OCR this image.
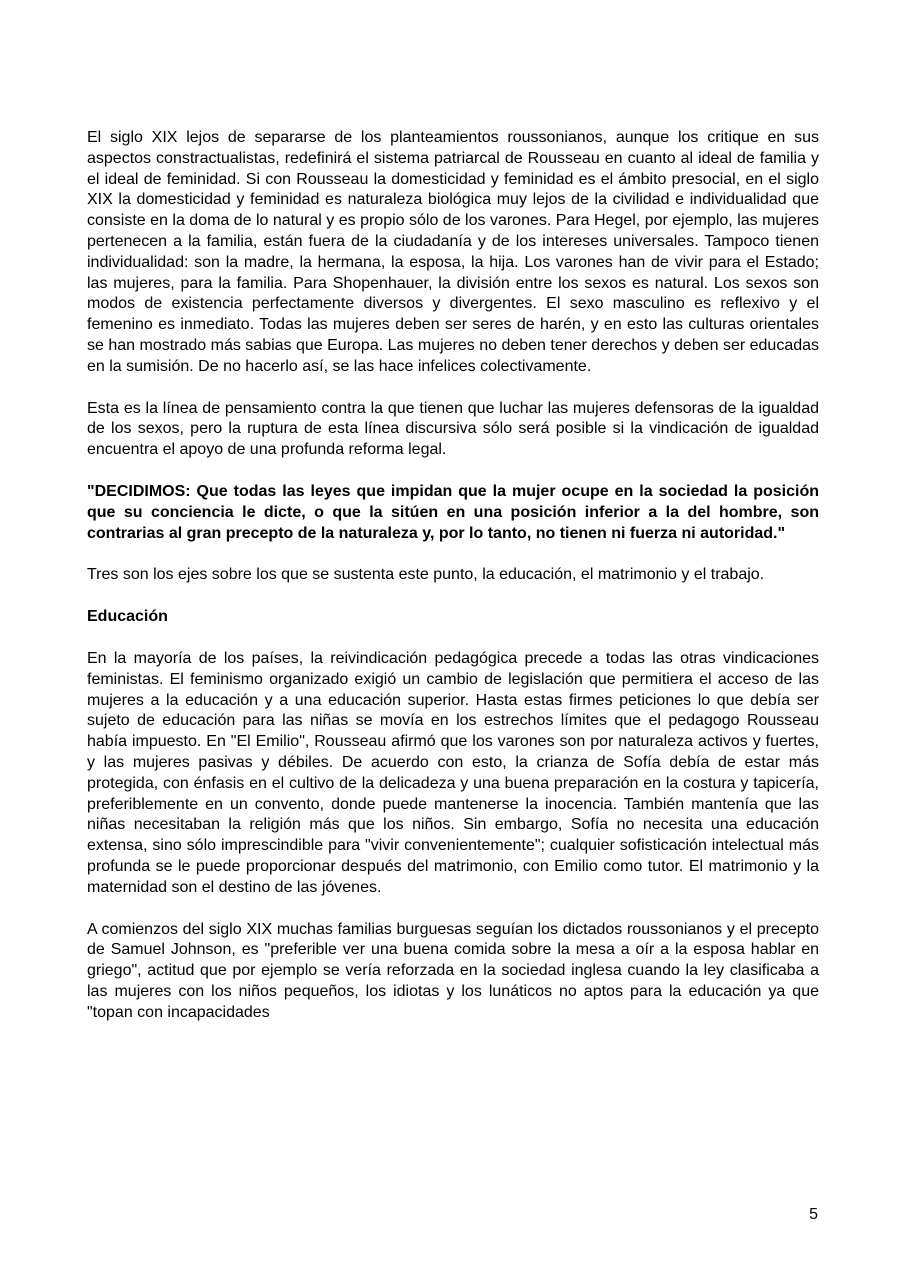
El siglo XIX lejos de separarse de los planteamientos roussonianos, aunque los critique en sus aspectos constractualistas, redefinirá el sistema patriarcal de Rousseau en cuanto al ideal de familia y el ideal de feminidad. Si con Rousseau la domesticidad y feminidad es el ámbito presocial, en el siglo XIX la domesticidad y feminidad es naturaleza biológica muy lejos de la civilidad e individualidad que consiste en la doma de lo natural y es propio sólo de los varones. Para Hegel, por ejemplo, las mujeres pertenecen a la familia, están fuera de la ciudadanía y de los intereses universales. Tampoco tienen individualidad: son la madre, la hermana, la esposa, la hija. Los varones han de vivir para el Estado; las mujeres, para la familia. Para Shopenhauer, la división entre los sexos es natural. Los sexos son modos de existencia perfectamente diversos y divergentes. El sexo masculino es reflexivo y el femenino es inmediato. Todas las mujeres deben ser seres de harén, y en esto las culturas orientales se han mostrado más sabias que Europa. Las mujeres no deben tener derechos y deben ser educadas en la sumisión. De no hacerlo así, se las hace infelices colectivamente.

Esta es la línea de pensamiento contra la que tienen que luchar las mujeres defensoras de la igualdad de los sexos, pero la ruptura de esta línea discursiva sólo será posible si la vindicación de igualdad encuentra el apoyo de una profunda reforma legal.

"DECIDIMOS: Que todas las leyes que impidan que la mujer ocupe en la sociedad la posición que su conciencia le dicte, o que la sitúen en una posición inferior a la del hombre, son contrarias al gran precepto de la naturaleza y, por lo tanto, no tienen ni fuerza ni autoridad."

Tres son los ejes sobre los que se sustenta este punto, la educación, el matrimonio y el trabajo.

Educación

En la mayoría de los países, la reivindicación pedagógica precede a todas las otras vindicaciones feministas. El feminismo organizado exigió un cambio de legislación que permitiera el acceso de las mujeres a la educación y a una educación superior. Hasta estas firmes peticiones lo que debía ser sujeto de educación para las niñas se movía en los estrechos límites que el pedagogo Rousseau había impuesto. En "El Emilio", Rousseau afirmó que los varones son por naturaleza activos y fuertes, y las mujeres pasivas y débiles. De acuerdo con esto, la crianza de Sofía debía de estar más protegida, con énfasis en el cultivo de la delicadeza y una buena preparación en la costura y tapicería, preferiblemente en un convento, donde puede mantenerse la inocencia. También mantenía que las niñas necesitaban la religión más que los niños. Sin embargo, Sofía no necesita una educación extensa, sino sólo imprescindible para "vivir convenientemente"; cualquier sofisticación intelectual más profunda se le puede proporcionar después del matrimonio, con Emilio como tutor. El matrimonio y la maternidad son el destino de las jóvenes.

A comienzos del siglo XIX muchas familias burguesas seguían los dictados roussonianos y el precepto de Samuel Johnson, es "preferible ver una buena comida sobre la mesa a oír a la esposa hablar en griego", actitud que por ejemplo se vería reforzada en la sociedad inglesa cuando la ley clasificaba a las mujeres con los niños pequeños, los idiotas y los lunáticos no aptos para la educación ya que "topan con incapacidades

5
